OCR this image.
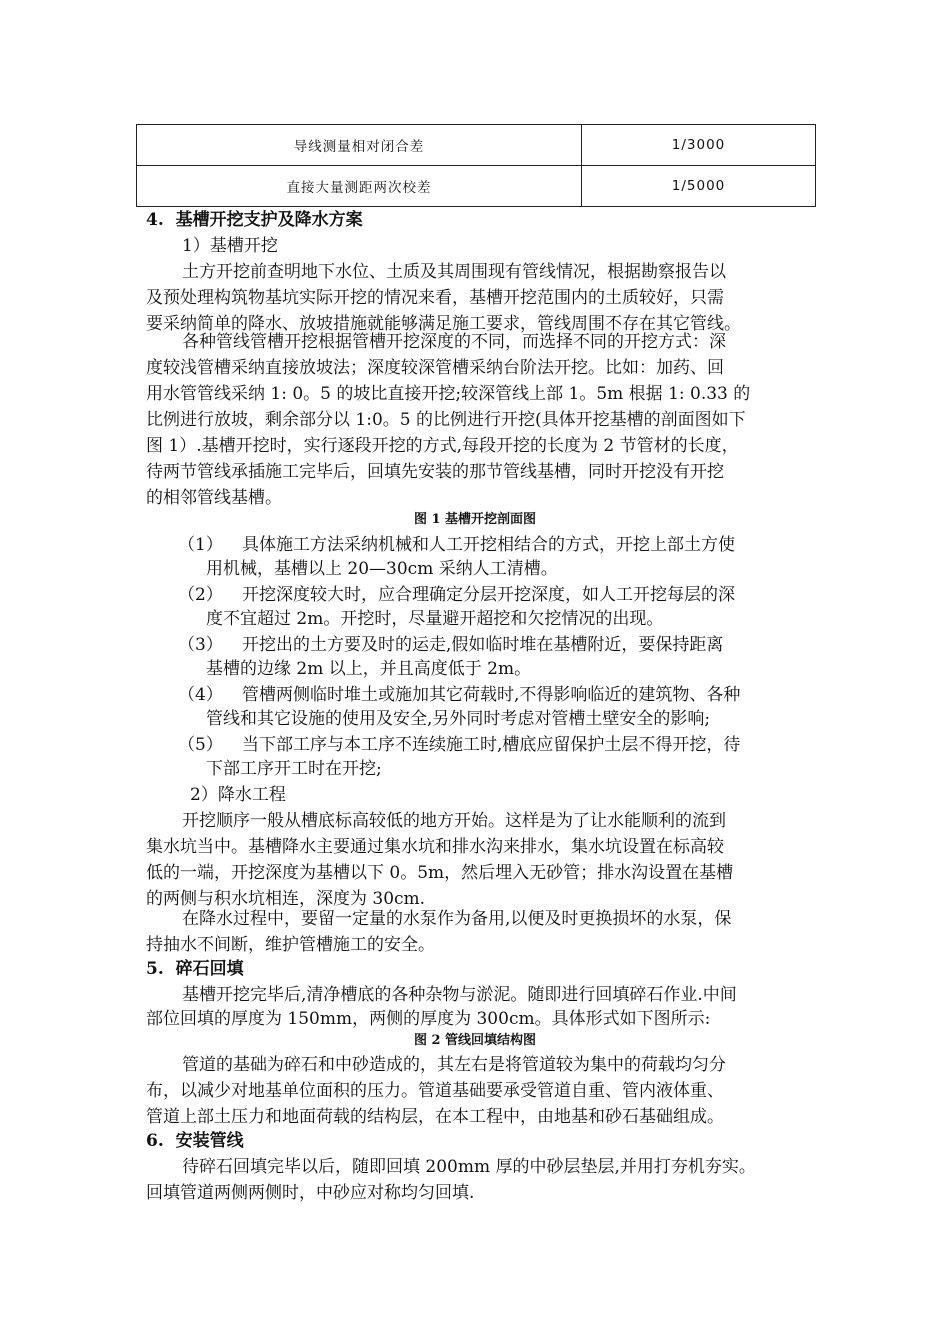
导线测量相对闭合差	1/3000
直接大量测距两次校差	1/5000
4.  基槽开挖支护及降水方案
1）基槽开挖
土方开挖前查明地下水位、土质及其周围现有管线情况，根据勘察报告以
及预处理构筑物基坑实际开挖的情况来看，基槽开挖范围内的土质较好，只需
要采纳简单的降水、放坡措施就能够满足施工要求，管线周围不存在其它管线。
各种管线管槽开挖根据管槽开挖深度的不同，而选择不同的开挖方式：深
度较浅管槽采纳直接放坡法；深度较深管槽采纳台阶法开挖。比如：加药、回
用水管管线采纳 1: 0。5 的坡比直接开挖;较深管线上部 1。5m 根据 1: 0.33 的
比例进行放坡，剩余部分以 1:0。5 的比例进行开挖(具体开挖基槽的剖面图如下
图 1）.基槽开挖时，实行逐段开挖的方式,每段开挖的长度为 2 节管材的长度，
待两节管线承插施工完毕后，回填先安装的那节管线基槽，同时开挖没有开挖
的相邻管线基槽。
图 1 基槽开挖剖面图
（1） 具体施工方法采纳机械和人工开挖相结合的方式，开挖上部土方使
用机械，基槽以上 20—30cm 采纳人工清槽。
（2） 开挖深度较大时，应合理确定分层开挖深度，如人工开挖每层的深
度不宜超过 2m。开挖时，尽量避开超挖和欠挖情况的出现。
（3） 开挖出的土方要及时的运走,假如临时堆在基槽附近，要保持距离
基槽的边缘 2m 以上，并且高度低于 2m。
（4） 管槽两侧临时堆土或施加其它荷载时,不得影响临近的建筑物、各种
管线和其它设施的使用及安全,另外同时考虑对管槽土壁安全的影响;
（5） 当下部工序与本工序不连续施工时,槽底应留保护土层不得开挖，待
下部工序开工时在开挖;
2）降水工程
开挖顺序一般从槽底标高较低的地方开始。这样是为了让水能顺利的流到
集水坑当中。基槽降水主要通过集水坑和排水沟来排水，集水坑设置在标高较
低的一端，开挖深度为基槽以下 0。5m，然后埋入无砂管；排水沟设置在基槽
的两侧与积水坑相连，深度为 30cm.
在降水过程中，要留一定量的水泵作为备用,以便及时更换损坏的水泵，保
持抽水不间断，维护管槽施工的安全。
5.  碎石回填
基槽开挖完毕后,清净槽底的各种杂物与淤泥。随即进行回填碎石作业.中间
部位回填的厚度为 150mm，两侧的厚度为 300cm。具体形式如下图所示:
图 2 管线回填结构图
管道的基础为碎石和中砂造成的，其左右是将管道较为集中的荷载均匀分
布，以减少对地基单位面积的压力。管道基础要承受管道自重、管内液体重、
管道上部土压力和地面荷载的结构层，在本工程中，由地基和砂石基础组成。
6.  安装管线
待碎石回填完毕以后，随即回填 200mm 厚的中砂层垫层,并用打夯机夯实。
回填管道两侧两侧时，中砂应对称均匀回填.
